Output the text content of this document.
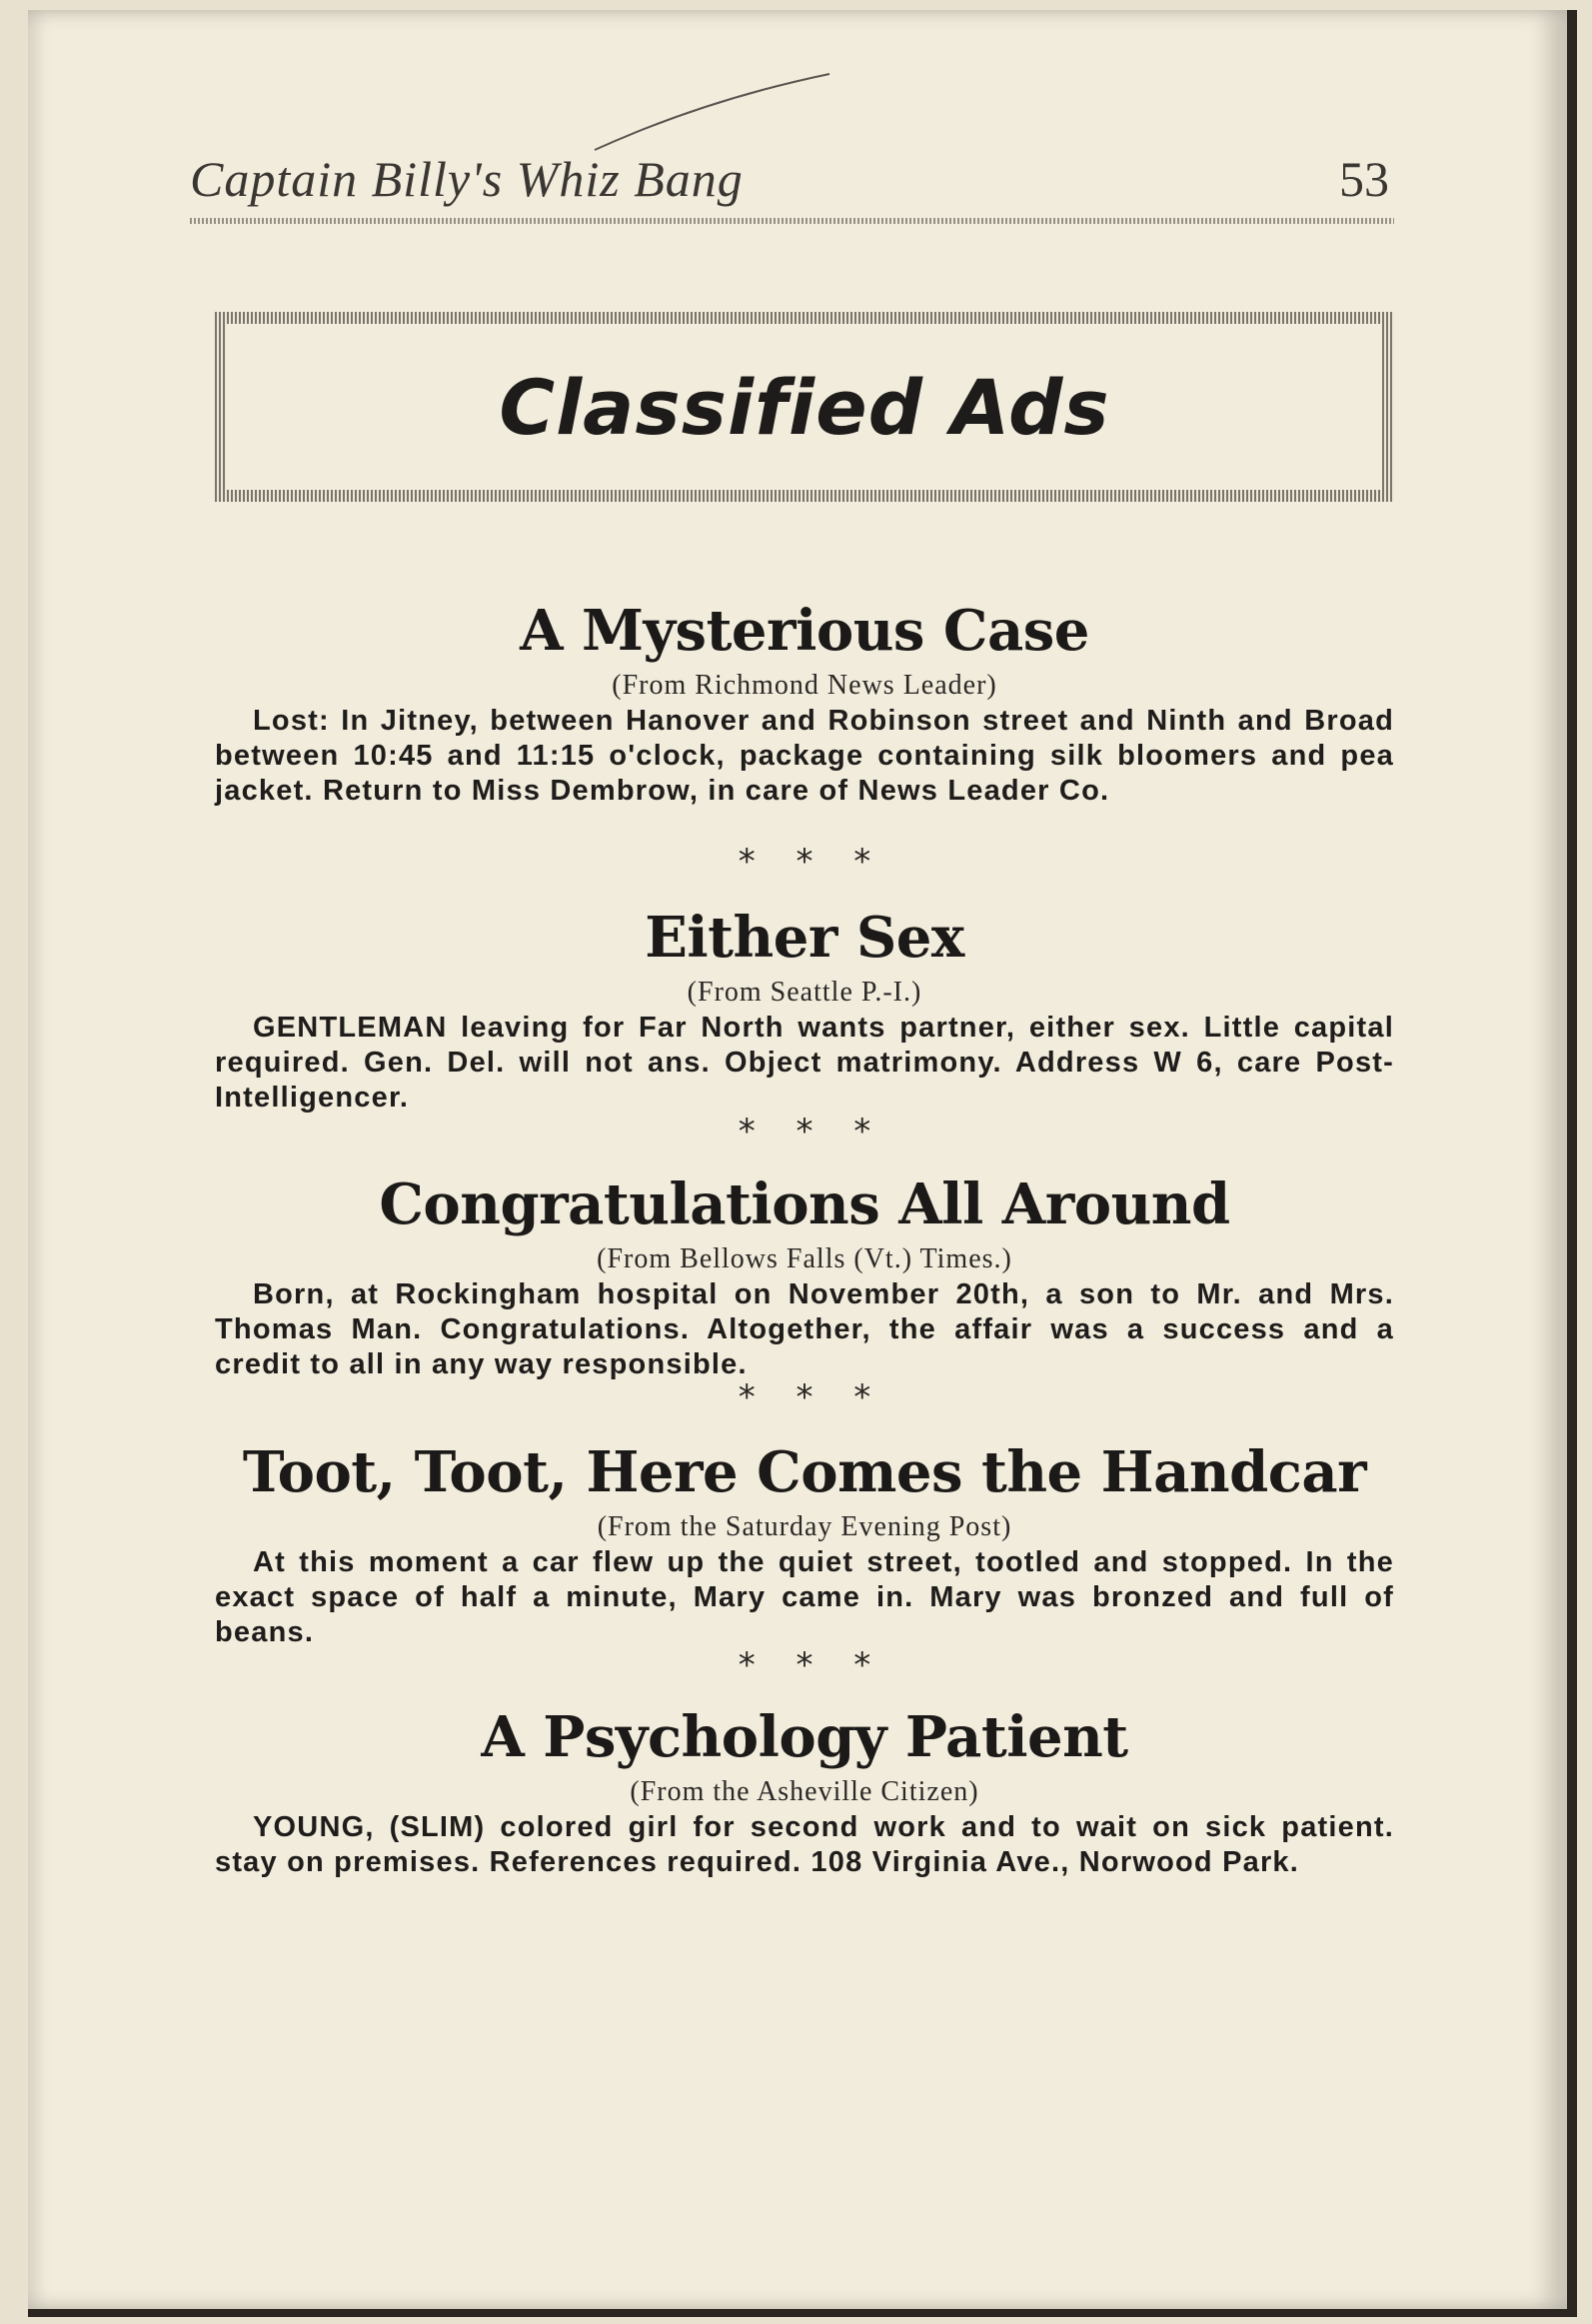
Captain Billy's Whiz Bang	53
Classified Ads
A Mysterious Case
(From Richmond News Leader)
Lost: In Jitney, between Hanover and Robinson street and Ninth and Broad between 10:45 and 11:15 o'clock, package containing silk bloomers and pea jacket. Return to Miss Dembrow, in care of News Leader Co.
* * *
Either Sex
(From Seattle P.-I.)
GENTLEMAN leaving for Far North wants partner, either sex. Little capital required. Gen. Del. will not ans. Object matrimony. Address W 6, care Post-Intelligencer.
* * *
Congratulations All Around
(From Bellows Falls (Vt.) Times.)
Born, at Rockingham hospital on November 20th, a son to Mr. and Mrs. Thomas Man. Congratulations. Altogether, the affair was a success and a credit to all in any way responsible.
* * *
Toot, Toot, Here Comes the Handcar
(From the Saturday Evening Post)
At this moment a car flew up the quiet street, tootled and stopped. In the exact space of half a minute, Mary came in. Mary was bronzed and full of beans.
* * *
A Psychology Patient
(From the Asheville Citizen)
YOUNG, (SLIM) colored girl for second work and to wait on sick patient. stay on premises. References required. 108 Virginia Ave., Norwood Park.
